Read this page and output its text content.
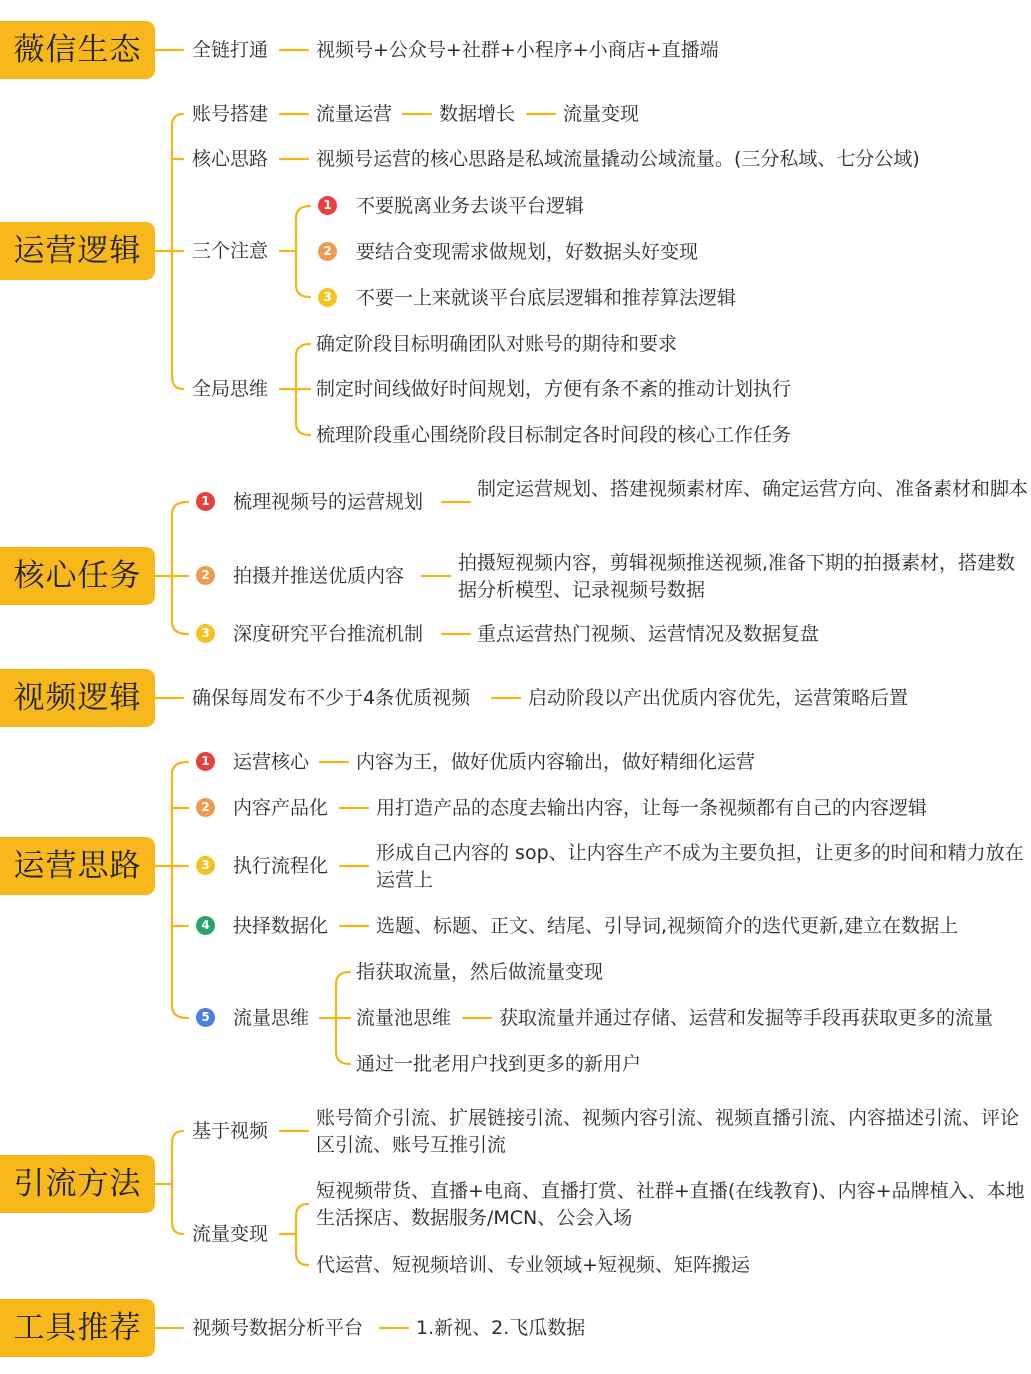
薇信生态
运营逻辑
核心任务
视频逻辑
运营思路
引流方法
工具推荐
全链打通	视频号+公众号+社群+小程序+小商店+直播端
账号搭建	流量运营 数据增长	流量变现
核心思路	视频号运营的核心思路是私域流量撬动公域流量。(三分私域、七分公域)
三个注意
1 不要脱离业务去谈平台逻辑
2 要结合变现需求做规划，好数据头好变现
3 不要一上来就谈平台底层逻辑和推荐算法逻辑
全局思维
确定阶段目标明确团队对账号的期待和要求
制定时间线做好时间规划，方便有条不紊的推动计划执行
梳理阶段重心围绕阶段目标制定各时间段的核心工作任务
1 梳理视频号的运营规划
制定运营规划、搭建视频素材库、确定运营方向、准备素材和脚本
2 拍摄并推送优质内容
拍摄短视频内容，剪辑视频推送视频,准备下期的拍摄素材，搭建数据分析模型、记录视频号数据
3 深度研究平台推流机制	重点运营热门视频、运营情况及数据复盘
确保每周发布不少于4条优质视频	启动阶段以产出优质内容优先，运营策略后置
1 运营核心 内容为王，做好优质内容输出，做好精细化运营
2 内容产品化	用打造产品的态度去输出内容，让每一条视频都有自己的内容逻辑
3 执行流程化
形成自己内容的 sop、让内容生产不成为主要负担，让更多的时间和精力放在运营上
4 抉择数据化	选题、标题、正文、结尾、引导词,视频简介的迭代更新,建立在数据上
5 流量思维
指获取流量，然后做流量变现
流量池思维	获取流量并通过存储、运营和发掘等手段再获取更多的流量
通过一批老用户找到更多的新用户
基于视频
账号简介引流、扩展链接引流、视频内容引流、视频直播引流、内容描述引流、评论区引流、账号互推引流
流量变现
短视频带货、直播+电商、直播打赏、社群+直播(在线教育)、内容+品牌植入、本地生活探店、数据服务/MCN、公会入场
代运营、短视频培训、专业领域+短视频、矩阵搬运
视频号数据分析平台	1.新视、2.飞瓜数据
